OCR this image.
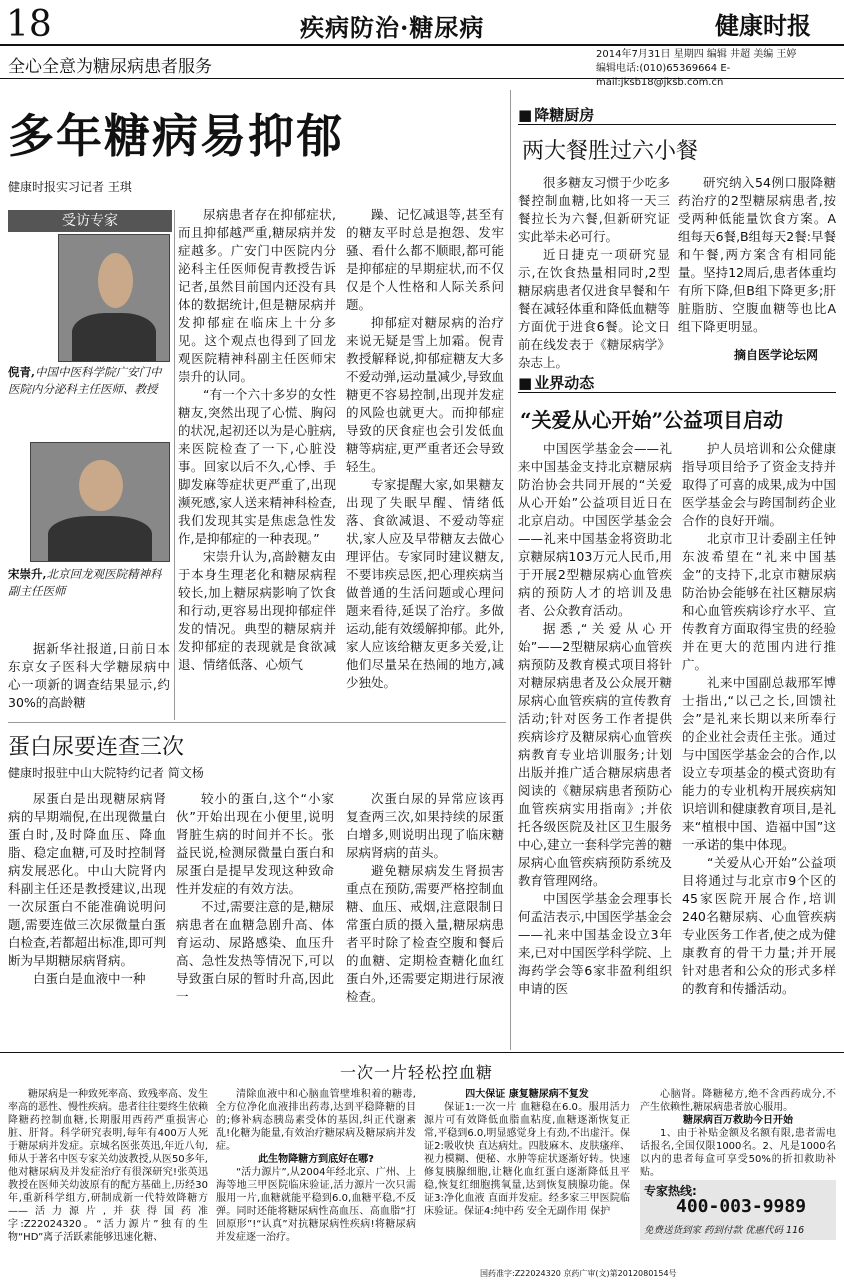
18	疾病防治·糖尿病	健康时报
全心全意为糖尿病患者服务
2014年7月31日 星期四 编辑 井超 美编 王婷
编辑电话:(010)65369664 E-mail:jksb18@jksb.com.cn
多年糖病易抑郁
健康时报实习记者 王琪
受访专家
倪青,中国中医科学院广安门中医院内分泌科主任医师、教授
宋崇升,北京回龙观医院精神科副主任医师

据新华社报道,日前日本东京女子医科大学糖尿病中心一项新的调查结果显示,约30%的高龄糖

尿病患者存在抑郁症状,而且抑郁越严重,糖尿病并发症越多。广安门中医院内分泌科主任医师倪青教授告诉记者,虽然目前国内还没有具体的数据统计,但是糖尿病并发抑郁症在临床上十分多见。这个观点也得到了回龙观医院精神科副主任医师宋崇升的认同。

“有一个六十多岁的女性糖友,突然出现了心慌、胸闷的状况,起初还以为是心脏病,来医院检查了一下,心脏没事。回家以后不久,心悸、手脚发麻等症状更严重了,出现濒死感,家人送来精神科检查,我们发现其实是焦虑急性发作,是抑郁症的一种表现。”

宋崇升认为,高龄糖友由于本身生理老化和糖尿病程较长,加上糖尿病影响了饮食和行动,更容易出现抑郁症伴发的情况。典型的糖尿病并发抑郁症的表现就是食欲减退、情绪低落、心烦气

躁、记忆减退等,甚至有的糖友平时总是抱怨、发牢骚、看什么都不顺眼,都可能是抑郁症的早期症状,而不仅仅是个人性格和人际关系问题。

抑郁症对糖尿病的治疗来说无疑是雪上加霜。倪青教授解释说,抑郁症糖友大多不爱动弹,运动量减少,导致血糖更不容易控制,出现并发症的风险也就更大。而抑郁症导致的厌食症也会引发低血糖等病症,更严重者还会导致轻生。

专家提醒大家,如果糖友出现了失眠早醒、情绪低落、食欲减退、不爱动等症状,家人应及早带糖友去做心理评估。专家同时建议糖友,不要讳疾忌医,把心理疾病当做普通的生活问题或心理问题来看待,延误了治疗。多做运动,能有效缓解抑郁。此外,家人应该给糖友更多关爱,让他们尽量呆在热闹的地方,减少独处。

蛋白尿要连查三次
健康时报驻中山大院特约记者 简文杨

尿蛋白是出现糖尿病肾病的早期端倪,在出现微量白蛋白时,及时降血压、降血脂、稳定血糖,可及时控制肾病发展恶化。中山大院肾内科副主任还是教授建议,出现一次尿蛋白不能准确说明问题,需要连做三次尿微量白蛋白检查,若都超出标准,即可判断为早期糖尿病肾病。

白蛋白是血液中一种

较小的蛋白,这个“小家伙”开始出现在小便里,说明肾脏生病的时间并不长。张益民说,检测尿微量白蛋白和尿蛋白是提早发现这种致命性并发症的有效方法。

不过,需要注意的是,糖尿病患者在血糖急剧升高、体育运动、尿路感染、血压升高、急性发热等情况下,可以导致蛋白尿的暂时升高,因此一

次蛋白尿的异常应该再复查两三次,如果持续的尿蛋白增多,则说明出现了临床糖尿病肾病的苗头。

避免糖尿病发生肾损害重点在预防,需要严格控制血糖、血压、戒烟,注意限制日常蛋白质的摄入量,糖尿病患者平时除了检查空腹和餐后的血糖、定期检查糖化血红蛋白外,还需要定期进行尿液检查。

■ 降糖厨房
两大餐胜过六小餐

很多糖友习惯于少吃多餐控制血糖,比如将一天三餐拉长为六餐,但新研究证实此举未必可行。

近日捷克一项研究显示,在饮食热量相同时,2型糖尿病患者仅进食早餐和午餐在减轻体重和降低血糖等方面优于进食6餐。论文日前在线发表于《糖尿病学》杂志上。

研究纳入54例口服降糖药治疗的2型糖尿病患者,按受两种低能量饮食方案。A组每天6餐,B组每天2餐:早餐和午餐,两方案含有相同能量。坚持12周后,患者体重均有所下降,但B组下降更多;肝脏脂肪、空腹血糖等也比A组下降更明显。

摘自医学论坛网
■ 业界动态
“关爱从心开始”公益项目启动

中国医学基金会——礼来中国基金支持北京糖尿病防治协会共同开展的“关爱从心开始”公益项目近日在北京启动。中国医学基金会——礼来中国基金将资助北京糖尿病103万元人民币,用于开展2型糖尿病心血管疾病的预防人才的培训及患者、公众教育活动。

据悉,“关爱从心开始”——2型糖尿病心血管疾病预防及教育模式项目将针对糖尿病患者及公众展开糖尿病心血管疾病的宣传教育活动;针对医务工作者提供疾病诊疗及糖尿病心血管疾病教育专业培训服务;计划出版并推广适合糖尿病患者阅读的《糖尿病患者预防心血管疾病实用指南》;并依托各级医院及社区卫生服务中心,建立一套科学完善的糖尿病心血管疾病预防系统及教育管理网络。

中国医学基金会理事长何孟洁表示,中国医学基金会——礼来中国基金设立3年来,已对中国医学科学院、上海药学会等6家非盈利组织申请的医

护人员培训和公众健康指导项目给予了资金支持并取得了可喜的成果,成为中国医学基金会与跨国制药企业合作的良好开端。

北京市卫计委副主任钟东波希望在“礼来中国基金”的支持下,北京市糖尿病防治协会能够在社区糖尿病和心血管疾病诊疗水平、宣传教育方面取得宝贵的经验并在更大的范围内进行推广。

礼来中国副总裁邢军博士指出,“以己之长,回馈社会”是礼来长期以来所奉行的企业社会责任主张。通过与中国医学基金会的合作,以设立专项基金的模式资助有能力的专业机构开展疾病知识培训和健康教育项目,是礼来“植根中国、造福中国”这一承诺的集中体现。

“关爱从心开始”公益项目将通过与北京市9个区的45家医院开展合作,培训240名糖尿病、心血管疾病专业医务工作者,使之成为健康教育的骨干力量;并开展针对患者和公众的形式多样的教育和传播活动。

一次一片轻松控血糖

糖尿病是一种致死率高、致残率高、发生率高的恶性、慢性疾病。患者往往要终生依赖降糖药控制血糖,长期服用西药严重损害心脏、肝肾。科学研究表明,每年有400万人死于糖尿病并发症。京城名医张英迅,年近八旬,师从于著名中医专家关幼波教授,从医50多年,他对糖尿病及并发症治疗有很深研究!张英迅教授在医师关幼波原有的配方基础上,历经30年,重新科学组方,研制成新一代特效降糖方——活力源片,并获得国药准字:Z22024320。“活力源片”独有的生物“HD”离子活跃素能够迅速化糖、

清除血液中和心脑血管壁堆积着的糖毒,全方位净化血液排出药毒,达到平稳降糖的目的;修补病态胰岛素受体的基因,纠正代谢紊乱!化糖为能量,有效治疗糖尿病及糖尿病并发症。

此生物降糖方到底好在哪?

“活力源片”,从2004年经北京、广州、上海等地三甲医院临床验证,活力源片一次只需服用一片,血糖就能平稳到6.0,血糖平稳,不反弹。同时还能将糖尿病性高血压、高血脂“打回原形”!“认真”对抗糖尿病性疾病!将糖尿病并发症逐一治疗。

四大保证 康复糖尿病不复发

保证1:一次一片 血糖稳在6.0。服用活力源片可有效降低血脂血粘度,血糖逐渐恢复正常,平稳到6.0,明显感觉身上有劲,不出虚汗。保证2:吸收快 直达病灶。四肢麻木、皮肤瘙痒、视力模糊、便秘、水肿等症状逐渐好转。快速修复胰腺细胞,让糖化血红蛋白逐渐降低且平稳,恢复红细胞携氧量,达到恢复胰腺功能。保证3:净化血液 直面并发症。经多家三甲医院临床验证。保证4:纯中药 安全无副作用 保护

心脑肾。降糖秘方,绝不含西药成分,不产生依赖性,糖尿病患者放心服用。

糖尿病百万救助今日开始

1、由于补贴金额及名额有限,患者需电话报名,全国仅限1000名。2、凡是1000名以内的患者每盒可享受50%的折扣救助补贴。

专家热线:
400-003-9989
免费送货到家 药到付款 优惠代码 116
国药准字:Z22024320 京药广审(文)第2012080154号
